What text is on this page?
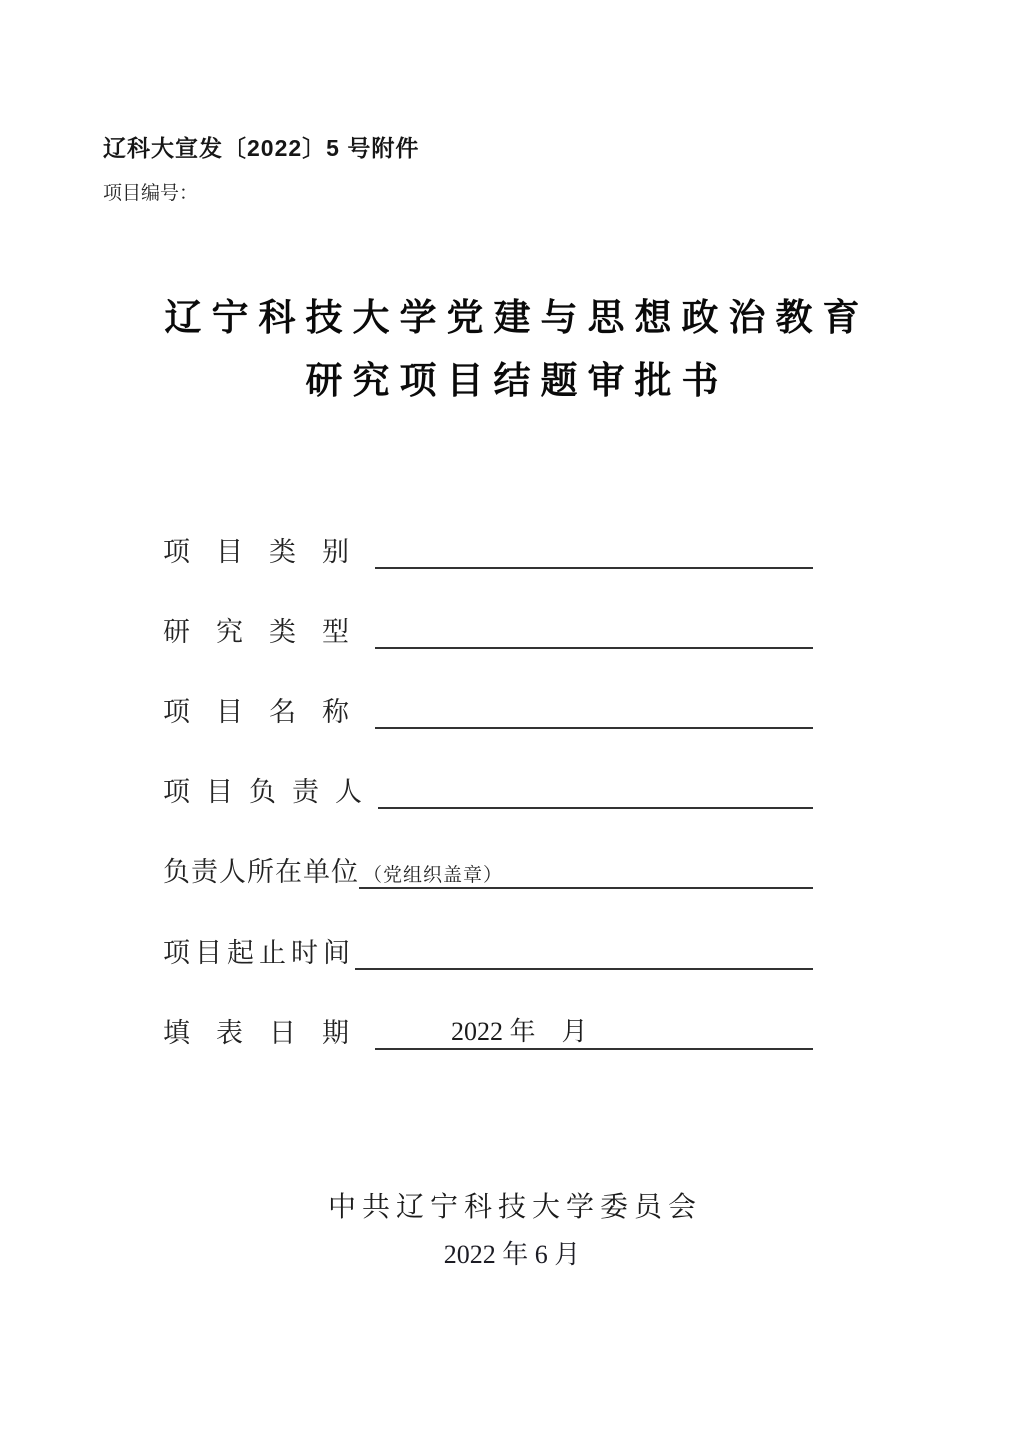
辽科大宣发〔2022〕5 号附件
项目编号：
辽宁科技大学党建与思想政治教育
研究项目结题审批书
项目类别
研究类型
项目名称
项目负责人
负责人所在单位 （党组织盖章）
项目起止时间
填表日期	2022 年　月
中共辽宁科技大学委员会
2022 年 6 月
